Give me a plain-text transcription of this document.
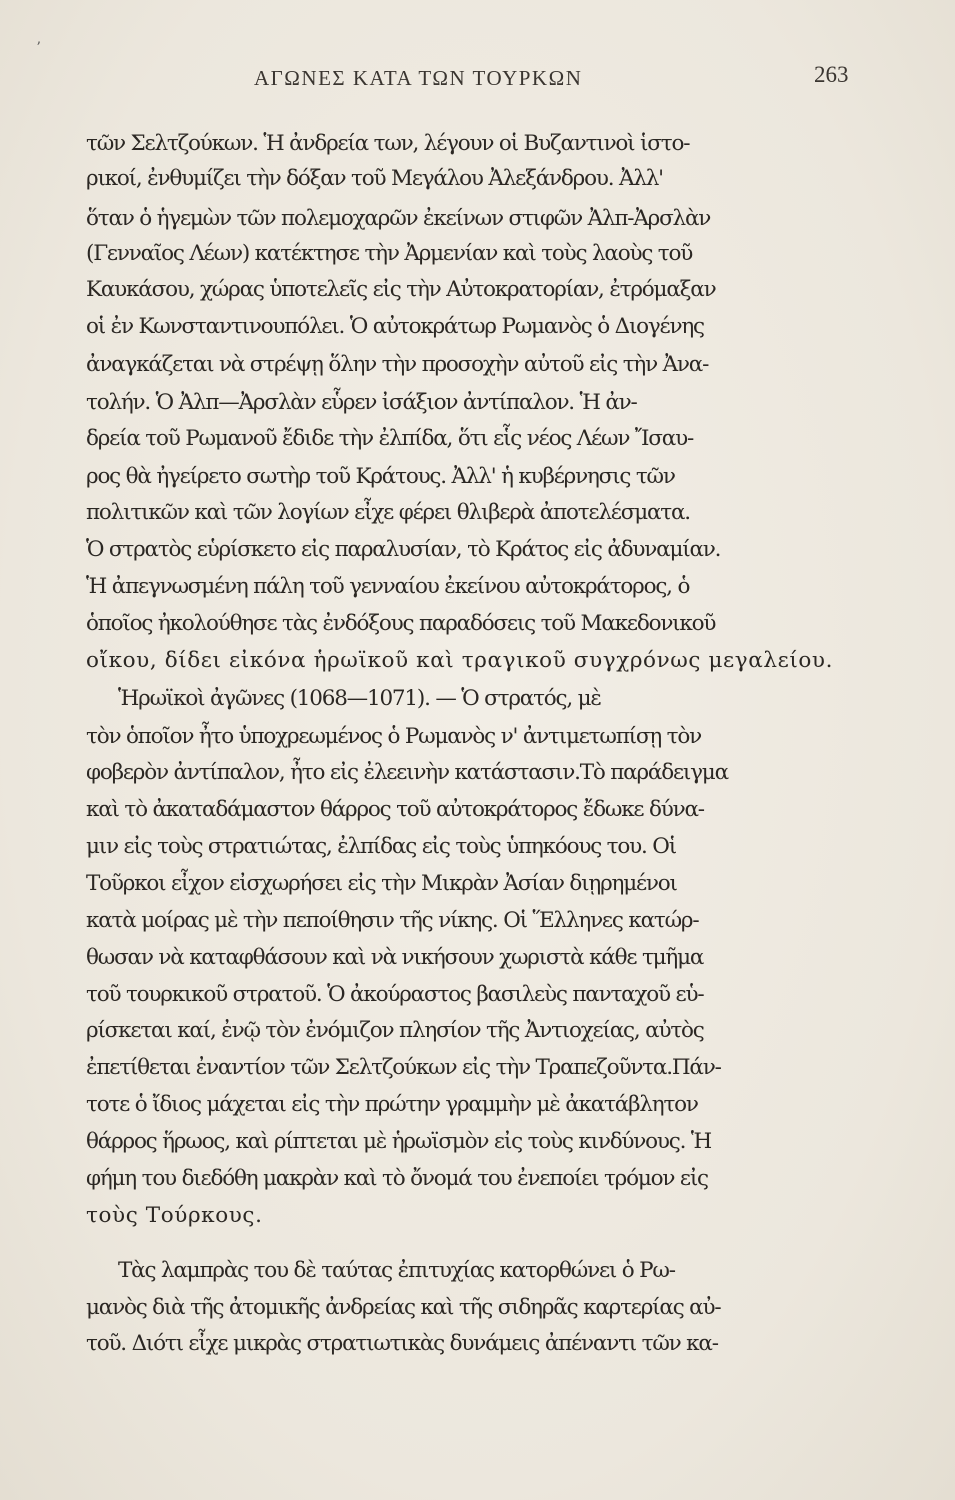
ʼ
ΑΓΩΝΕΣ ΚΑΤΑ ΤΩΝ ΤΟΥΡΚΩΝ	263
τῶν Σελτζούκων. Ἡ ἀνδρεία των, λέγουν οἱ Βυζαντινοὶ ἱστο-
ρικοί, ἐνθυμίζει τὴν δόξαν τοῦ Μεγάλου Ἀλεξάνδρου. Ἀλλ'
ὅταν ὁ ἡγεμὼν τῶν πολεμοχαρῶν ἐκείνων στιφῶν Ἀλπ-Ἀρσλὰν
(Γενναῖος Λέων) κατέκτησε τὴν Ἀρμενίαν καὶ τοὺς λαοὺς τοῦ
Καυκάσου, χώρας ὑποτελεῖς εἰς τὴν Αὐτοκρατορίαν, ἐτρόμαξαν
οἱ ἐν Κωνσταντινουπόλει. Ὁ αὐτοκράτωρ Ρωμανὸς ὁ Διογένης
ἀναγκάζεται νὰ στρέψῃ ὅλην τὴν προσοχὴν αὐτοῦ εἰς τὴν Ἀνα-
τολήν. Ὁ Ἀλπ—Ἀρσλὰν εὗρεν ἰσάξιον ἀντίπαλον. Ἡ ἀν-
δρεία τοῦ Ρωμανοῦ ἔδιδε τὴν ἐλπίδα, ὅτι εἷς νέος Λέων Ἴσαυ-
ρος θὰ ἠγείρετο σωτὴρ τοῦ Κράτους. Ἀλλ' ἡ κυβέρνησις τῶν
πολιτικῶν καὶ τῶν λογίων εἶχε φέρει θλιβερὰ ἀποτελέσματα.
Ὁ στρατὸς εὑρίσκετο εἰς παραλυσίαν, τὸ Κράτος εἰς ἀδυναμίαν.
Ἡ ἀπεγνωσμένη πάλη τοῦ γενναίου ἐκείνου αὐτοκράτορος, ὁ
ὁποῖος ἠκολούθησε τὰς ἐνδόξους παραδόσεις τοῦ Μακεδονικοῦ
οἴκου, δίδει εἰκόνα ἡρωϊκοῦ καὶ τραγικοῦ συγχρόνως μεγαλείου.
Ἡρωϊκοὶ ἀγῶνες (1068—1071). — Ὁ στρατός, μὲ
τὸν ὁποῖον ἦτο ὑποχρεωμένος ὁ Ρωμανὸς ν' ἀντιμετωπίσῃ τὸν
φοβερὸν ἀντίπαλον, ἦτο εἰς ἐλεεινὴν κατάστασιν.Τὸ παράδειγμα
καὶ τὸ ἀκαταδάμαστον θάρρος τοῦ αὐτοκράτορος ἔδωκε δύνα-
μιν εἰς τοὺς στρατιώτας, ἐλπίδας εἰς τοὺς ὑπηκόους του. Οἱ
Τοῦρκοι εἶχον εἰσχωρήσει εἰς τὴν Μικρὰν Ἀσίαν διῃρημένοι
κατὰ μοίρας μὲ τὴν πεποίθησιν τῆς νίκης. Οἱ Ἕλληνες κατώρ-
θωσαν νὰ καταφθάσουν καὶ νὰ νικήσουν χωριστὰ κάθε τμῆμα
τοῦ τουρκικοῦ στρατοῦ. Ὁ ἀκούραστος βασιλεὺς πανταχοῦ εὑ-
ρίσκεται καί, ἐνῷ τὸν ἐνόμιζον πλησίον τῆς Ἀντιοχείας, αὐτὸς
ἐπετίθεται ἐναντίον τῶν Σελτζούκων εἰς τὴν Τραπεζοῦντα.Πάν-
τοτε ὁ ἴδιος μάχεται εἰς τὴν πρώτην γραμμὴν μὲ ἀκατάβλητον
θάρρος ἥρωος, καὶ ρίπτεται μὲ ἡρωϊσμὸν εἰς τοὺς κινδύνους. Ἡ
φήμη του διεδόθη μακρὰν καὶ τὸ ὄνομά του ἐνεποίει τρόμον εἰς
τοὺς Τούρκους.
Τὰς λαμπρὰς του δὲ ταύτας ἐπιτυχίας κατορθώνει ὁ Ρω-
μανὸς διὰ τῆς ἀτομικῆς ἀνδρείας καὶ τῆς σιδηρᾶς καρτερίας αὐ-
τοῦ. Διότι εἶχε μικρὰς στρατιωτικὰς δυνάμεις ἀπέναντι τῶν κα-
